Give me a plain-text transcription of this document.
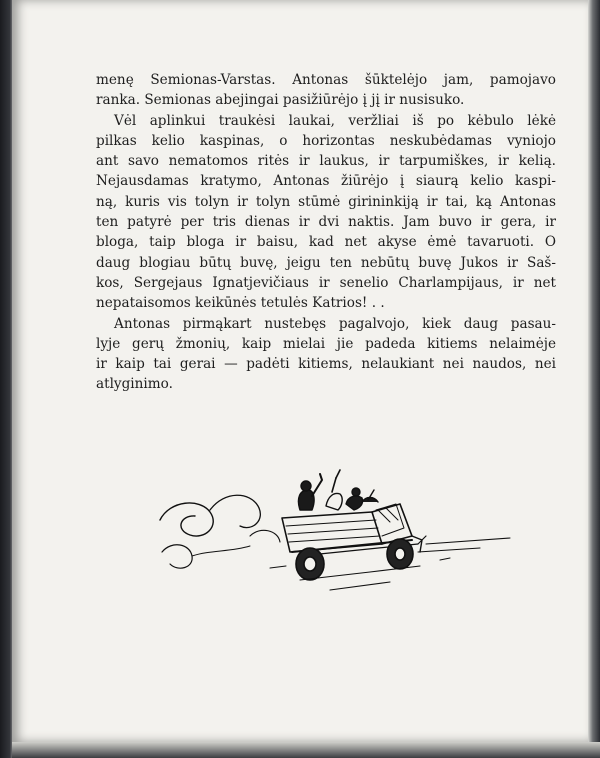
menę Semionas-Varstas. Antonas šūktelėjo jam, pamojavo
ranka. Semionas abejingai pasižiūrėjo į jį ir nusisuko.
Vėl aplinkui traukėsi laukai, veržliai iš po kėbulo lėkė
pilkas kelio kaspinas, o horizontas neskubėdamas vyniojo
ant savo nematomos ritės ir laukus, ir tarpumiškes, ir kelią.
Nejausdamas kratymo, Antonas žiūrėjo į siaurą kelio kaspi-
ną, kuris vis tolyn ir tolyn stūmė girininkiją ir tai, ką Antonas
ten patyrė per tris dienas ir dvi naktis. Jam buvo ir gera, ir
bloga, taip bloga ir baisu, kad net akyse ėmė tavaruoti. O
daug blogiau būtų buvę, jeigu ten nebūtų buvę Jukos ir Saš-
kos, Sergejaus Ignatjevičiaus ir senelio Charlampijaus, ir net
nepataisomos keikūnės tetulės Katrios! . .
Antonas pirmąkart nustebęs pagalvojo, kiek daug pasau-
lyje gerų žmonių, kaip mielai jie padeda kitiems nelaimėje
ir kaip tai gerai — padėti kitiems, nelaukiant nei naudos, nei
atlyginimo.
